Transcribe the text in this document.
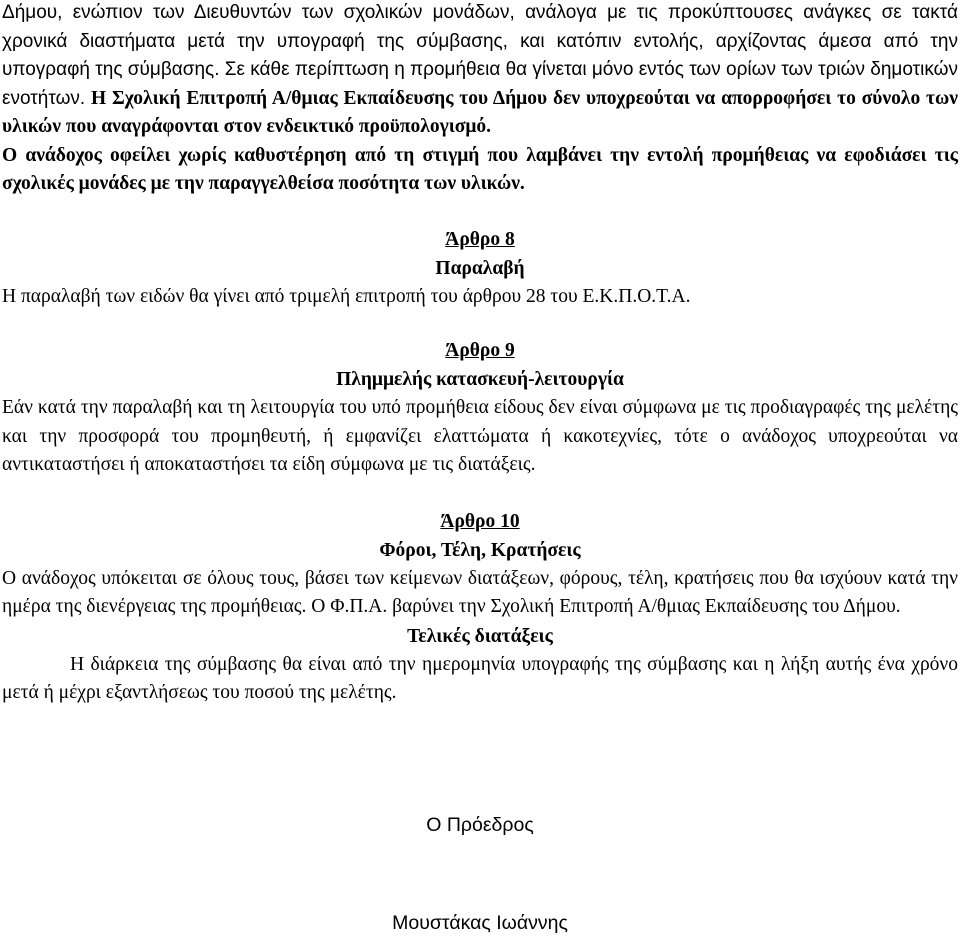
Δήμου, ενώπιον των Διευθυντών των σχολικών μονάδων, ανάλογα με τις προκύπτουσες ανάγκες σε τακτά χρονικά διαστήματα μετά την υπογραφή της σύμβασης, και κατόπιν εντολής, αρχίζοντας άμεσα από την υπογραφή της σύμβασης. Σε κάθε περίπτωση η προμήθεια θα γίνεται μόνο εντός των ορίων των τριών δημοτικών ενοτήτων. Η Σχολική Επιτροπή Α/θμιας Εκπαίδευσης του Δήμου δεν υποχρεούται να απορροφήσει το σύνολο των υλικών που αναγράφονται στον ενδεικτικό προϋπολογισμό.

Ο ανάδοχος οφείλει χωρίς καθυστέρηση από τη στιγμή που λαμβάνει την εντολή προμήθειας να εφοδιάσει τις σχολικές μονάδες με την παραγγελθείσα ποσότητα των υλικών.

Άρθρο 8

Παραλαβή

Η παραλαβή των ειδών θα γίνει από τριμελή επιτροπή του άρθρου 28 του Ε.Κ.Π.Ο.Τ.Α.

Άρθρο 9

Πλημμελής κατασκευή-λειτουργία

Εάν κατά την παραλαβή και τη λειτουργία του υπό προμήθεια είδους δεν είναι σύμφωνα με τις προδιαγραφές της μελέτης και την προσφορά του προμηθευτή, ή εμφανίζει ελαττώματα ή κακοτεχνίες, τότε ο ανάδοχος υποχρεούται να αντικαταστήσει ή αποκαταστήσει τα είδη σύμφωνα με τις διατάξεις.

Άρθρο 10

Φόροι, Τέλη, Κρατήσεις

Ο ανάδοχος υπόκειται σε όλους τους, βάσει των κείμενων διατάξεων, φόρους, τέλη, κρατήσεις που θα ισχύουν κατά την ημέρα της διενέργειας της προμήθειας. Ο Φ.Π.Α. βαρύνει την Σχολική Επιτροπή Α/θμιας Εκπαίδευσης του Δήμου.

Τελικές διατάξεις

Η διάρκεια της σύμβασης θα είναι από την ημερομηνία υπογραφής της σύμβασης και η λήξη αυτής ένα χρόνο μετά ή μέχρι εξαντλήσεως του ποσού της μελέτης.

Ο Πρόεδρος

Μουστάκας Ιωάννης
